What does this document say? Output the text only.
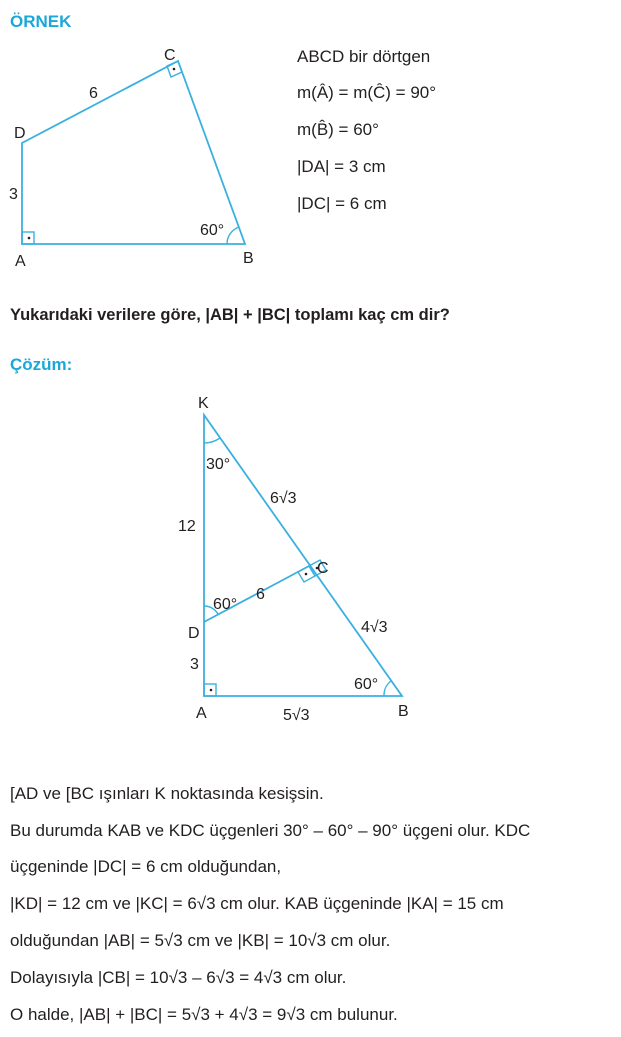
ÖRNEK
A	B
C
D
6
3
60°
ABCD bir dörtgen
m(Â) = m(Ĉ) = 90°
m(B̂) = 60°
|DA| = 3 cm
|DC| = 6 cm
Yukarıdaki verilere göre, |AB| + |BC| toplamı kaç cm dir?
Çözüm:
K
A	B
C
D
30°
60°
60°
6√3
12
6
4√3
3
5√3
[AD ve [BC ışınları K noktasında kesişsin.
Bu durumda KAB ve KDC üçgenleri 30° – 60° – 90° üçgeni olur. KDC
üçgeninde |DC| = 6 cm olduğundan,
|KD| = 12 cm ve |KC| = 6√3 cm olur. KAB üçgeninde |KA| = 15 cm
olduğundan |AB| = 5√3 cm ve |KB| = 10√3 cm olur.
Dolayısıyla |CB| = 10√3 – 6√3 = 4√3 cm olur.
O halde, |AB| + |BC| = 5√3 + 4√3 = 9√3 cm bulunur.
